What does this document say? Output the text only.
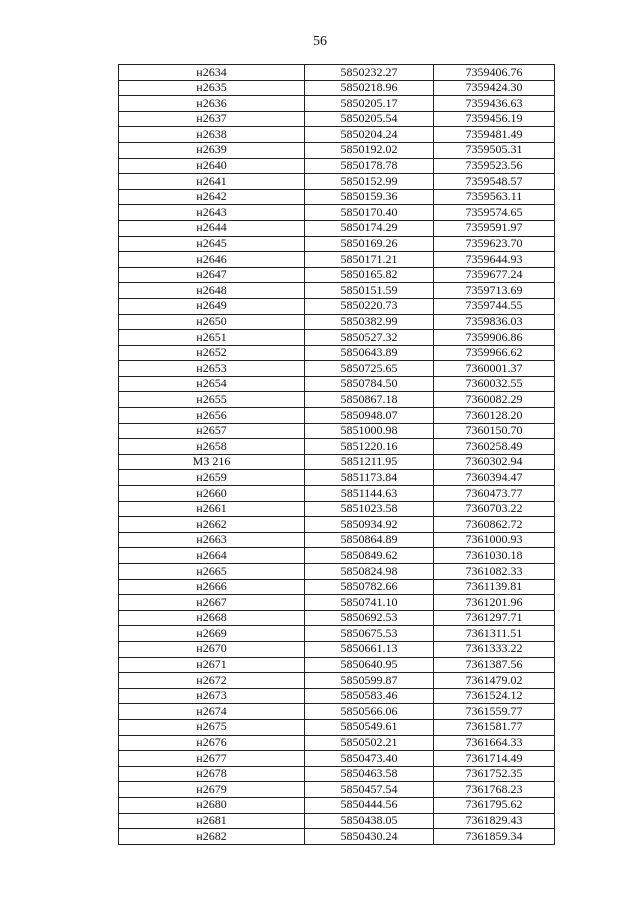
56
н2634	5850232.27	7359406.76
н2635	5850218.96	7359424.30
н2636	5850205.17	7359436.63
н2637	5850205.54	7359456.19
н2638	5850204.24	7359481.49
н2639	5850192.02	7359505.31
н2640	5850178.78	7359523.56
н2641	5850152.99	7359548.57
н2642	5850159.36	7359563.11
н2643	5850170.40	7359574.65
н2644	5850174.29	7359591.97
н2645	5850169.26	7359623.70
н2646	5850171.21	7359644.93
н2647	5850165.82	7359677.24
н2648	5850151.59	7359713.69
н2649	5850220.73	7359744.55
н2650	5850382.99	7359836.03
н2651	5850527.32	7359906.86
н2652	5850643.89	7359966.62
н2653	5850725.65	7360001.37
н2654	5850784.50	7360032.55
н2655	5850867.18	7360082.29
н2656	5850948.07	7360128.20
н2657	5851000.98	7360150.70
н2658	5851220.16	7360258.49
МЗ 216	5851211.95	7360302.94
н2659	5851173.84	7360394.47
н2660	5851144.63	7360473.77
н2661	5851023.58	7360703.22
н2662	5850934.92	7360862.72
н2663	5850864.89	7361000.93
н2664	5850849.62	7361030.18
н2665	5850824.98	7361082.33
н2666	5850782.66	7361139.81
н2667	5850741.10	7361201.96
н2668	5850692.53	7361297.71
н2669	5850675.53	7361311.51
н2670	5850661.13	7361333.22
н2671	5850640.95	7361387.56
н2672	5850599.87	7361479.02
н2673	5850583.46	7361524.12
н2674	5850566.06	7361559.77
н2675	5850549.61	7361581.77
н2676	5850502.21	7361664.33
н2677	5850473.40	7361714.49
н2678	5850463.58	7361752.35
н2679	5850457.54	7361768.23
н2680	5850444.56	7361795.62
н2681	5850438.05	7361829.43
н2682	5850430.24	7361859.34
